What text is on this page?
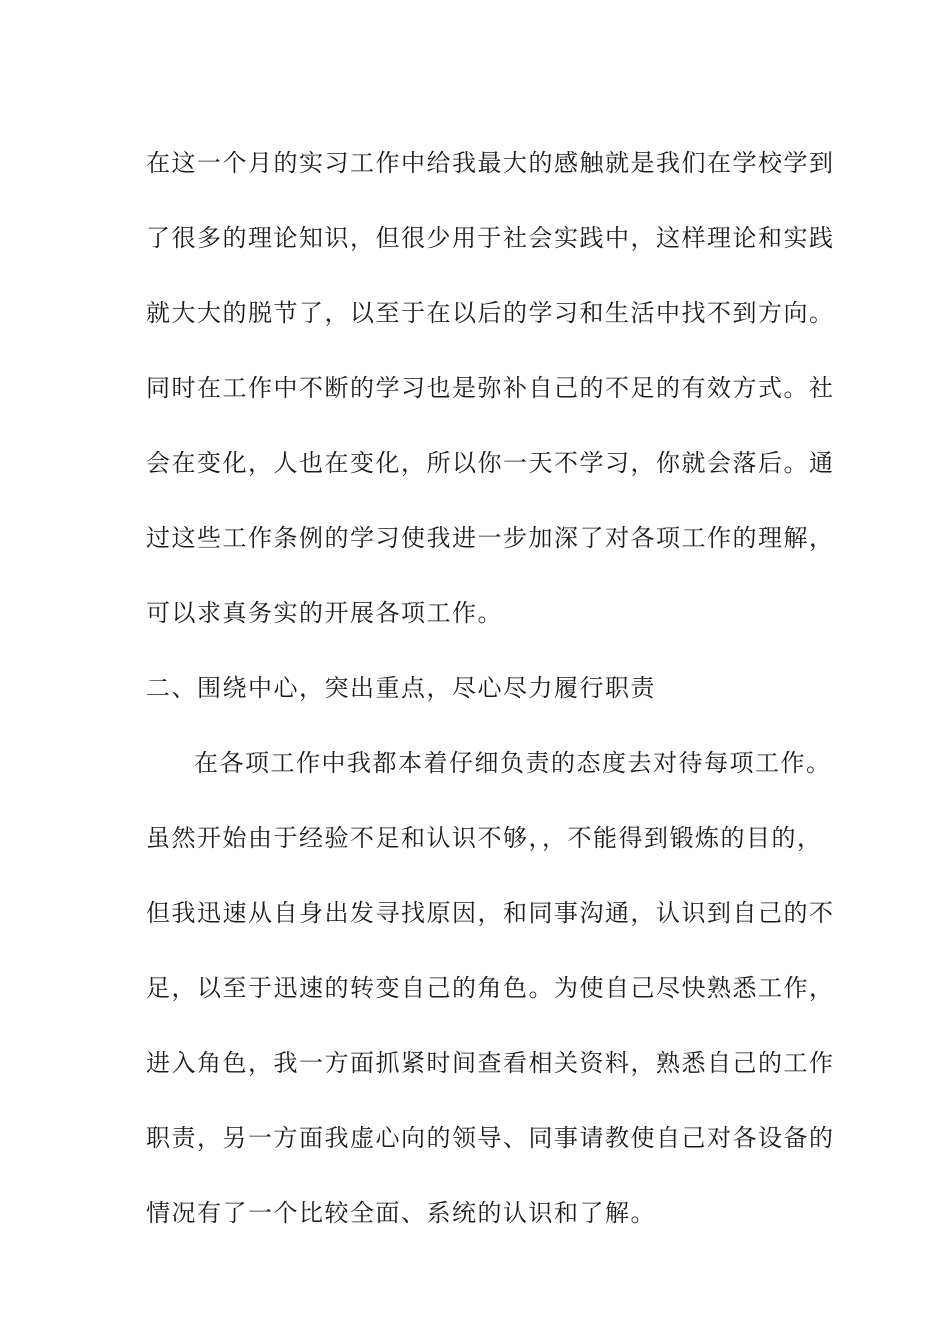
在这一个月的实习工作中给我最大的感触就是我们在学校学到
了很多的理论知识，但很少用于社会实践中，这样理论和实践
就大大的脱节了，以至于在以后的学习和生活中找不到方向。
同时在工作中不断的学习也是弥补自己的不足的有效方式。社
会在变化，人也在变化，所以你一天不学习，你就会落后。通
过这些工作条例的学习使我进一步加深了对各项工作的理解，
可以求真务实的开展各项工作。
二、围绕中心，突出重点，尽心尽力履行职责
在各项工作中我都本着仔细负责的态度去对待每项工作。
虽然开始由于经验不足和认识不够，，不能得到锻炼的目的，
但我迅速从自身出发寻找原因，和同事沟通，认识到自己的不
足，以至于迅速的转变自己的角色。为使自己尽快熟悉工作，
进入角色，我一方面抓紧时间查看相关资料，熟悉自己的工作
职责，另一方面我虚心向的领导、同事请教使自己对各设备的
情况有了一个比较全面、系统的认识和了解。
